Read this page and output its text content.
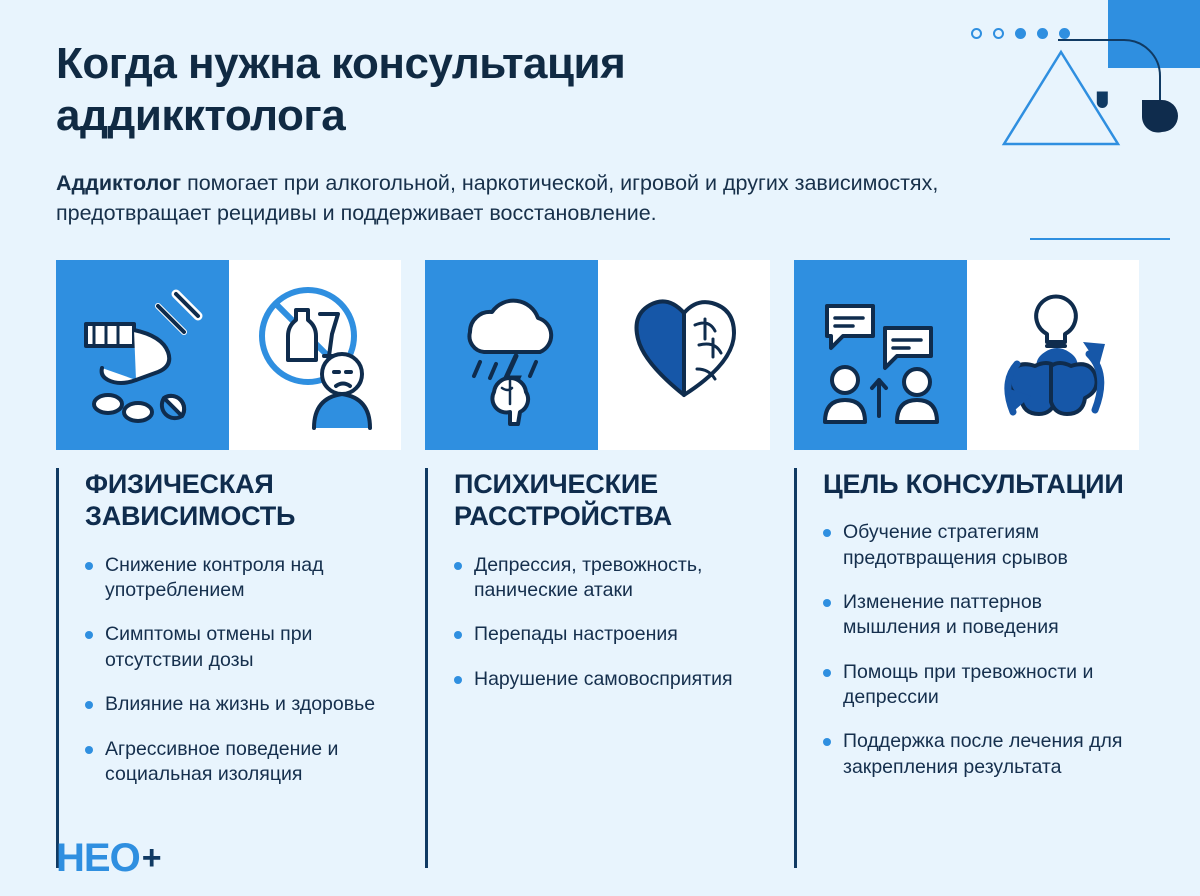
Когда нужна консультация аддикктолога

Аддиктолог помогает при алкогольной, наркотической, игровой и других зависимостях, предотвращает рецидивы и поддерживает восстановление.

ФИЗИЧЕСКАЯ ЗАВИСИМОСТЬ
Снижение контроля над употреблением
Симптомы отмены при отсутствии дозы
Влияние на жизнь и здоровье
Агрессивное поведение и социальная изоляция
ПСИХИЧЕСКИЕ РАССТРОЙСТВА
Депрессия, тревожность, панические атаки
Перепады настроения
Нарушение самовосприятия
ЦЕЛЬ КОНСУЛЬТАЦИИ
Обучение стратегиям предотвращения срывов
Изменение паттернов мышления и поведения
Помощь при тревожности и депрессии
Поддержка после лечения для закрепления результата
НЕО +
